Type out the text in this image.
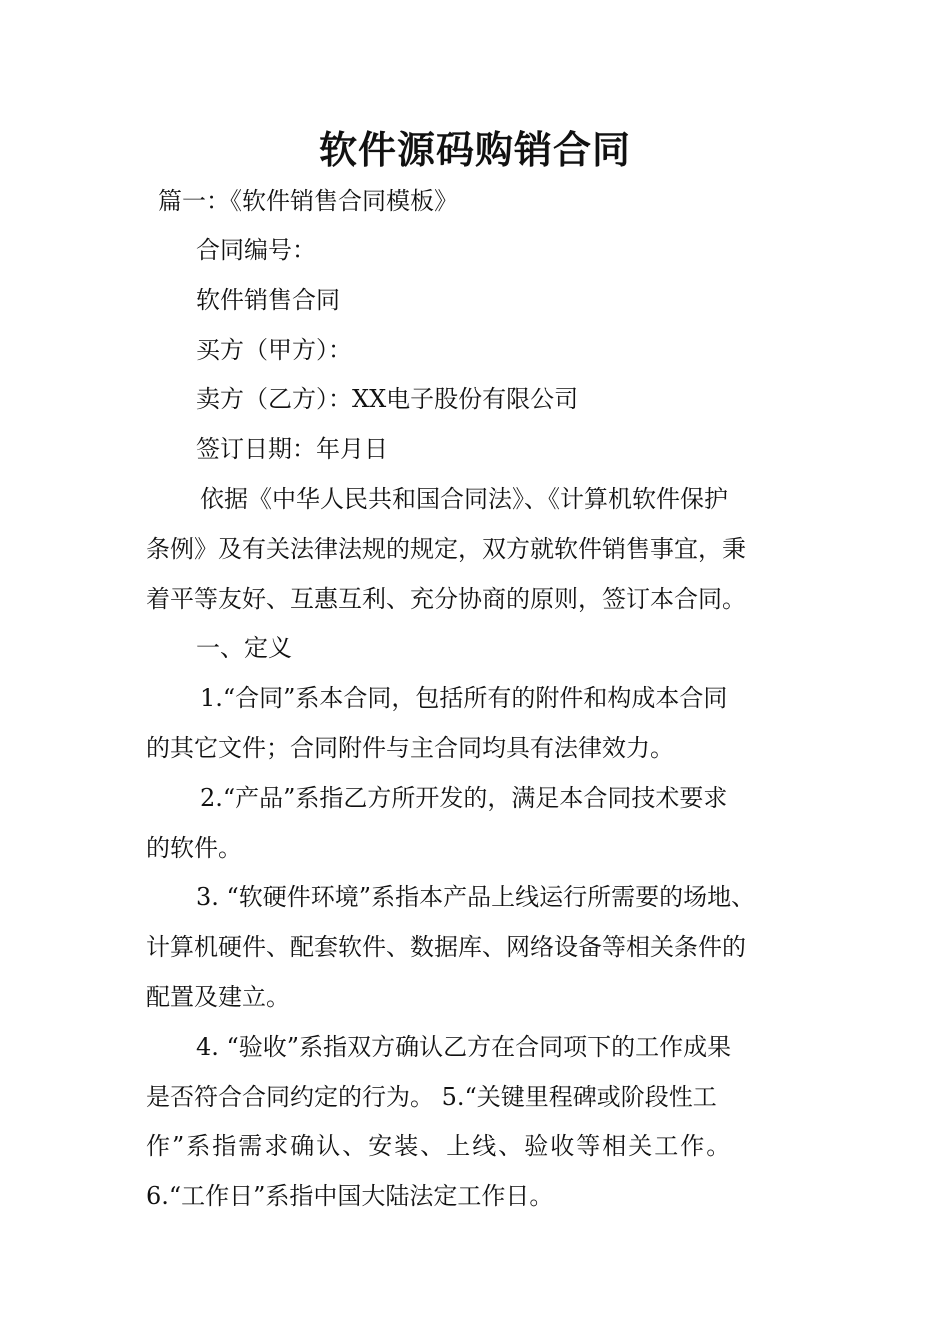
软件源码购销合同
篇一：《软件销售合同模板》
合同编号：
软件销售合同
买方（甲方）：
卖方（乙方）：XX电子股份有限公司
签订日期：年月日
依据《中华人民共和国合同法》、《计算机软件保护
条例》及有关法律法规的规定，双方就软件销售事宜，秉
着平等友好、互惠互利、充分协商的原则，签订本合同。
一、定义
1.“合同”系本合同，包括所有的附件和构成本合同
的其它文件；合同附件与主合同均具有法律效力。
2.“产品”系指乙方所开发的，满足本合同技术要求
的软件。
3. “软硬件环境”系指本产品上线运行所需要的场地、
计算机硬件、配套软件、数据库、网络设备等相关条件的
配置及建立。
4. “验收”系指双方确认乙方在合同项下的工作成果
是否符合合同约定的行为。 5.“关键里程碑或阶段性工
作”系指需求确认、安装、上线、验收等相关工作。
6.“工作日”系指中国大陆法定工作日。
